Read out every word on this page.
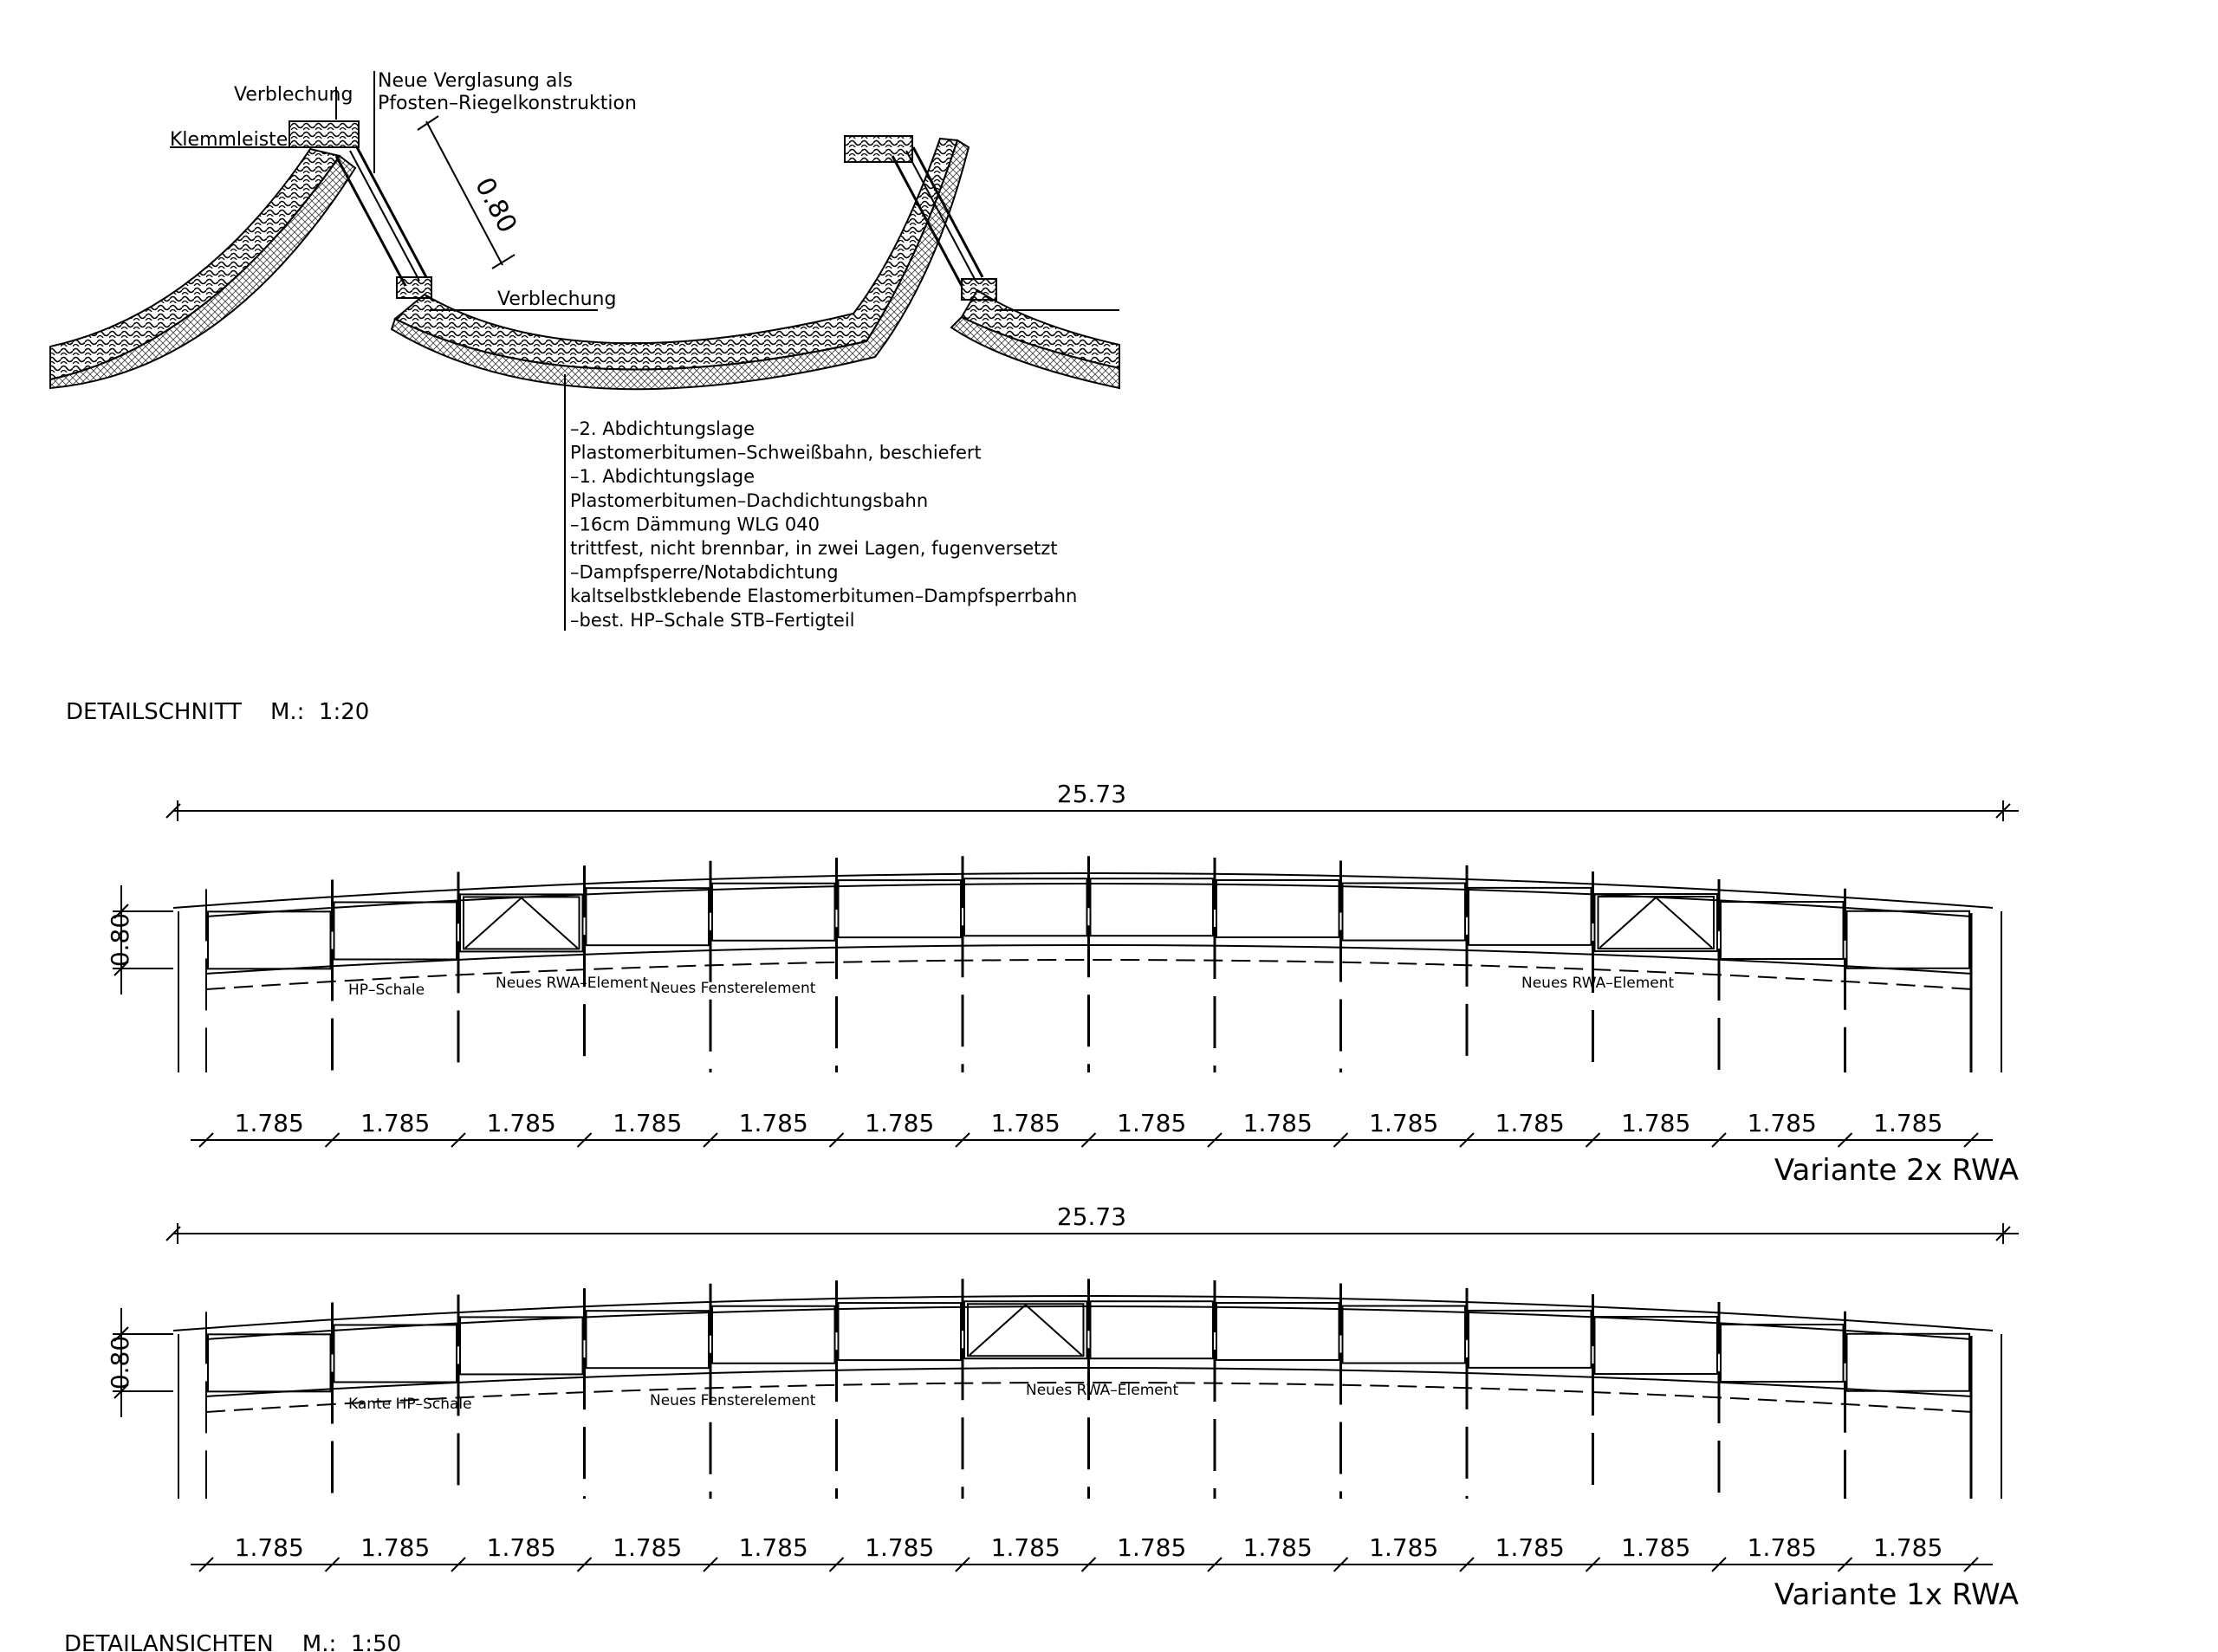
Verblechung
Klemmleiste
Neue Verglasung als
Pfosten–Riegelkonstruktion
0.80
Verblechung
–2. Abdichtungslage
Plastomerbitumen–Schweißbahn, beschiefert
–1. Abdichtungslage
Plastomerbitumen–Dachdichtungsbahn
–16cm Dämmung WLG 040
trittfest, nicht brennbar, in zwei Lagen, fugenversetzt
–Dampfsperre/Notabdichtung
kaltselbstklebende Elastomerbitumen–Dampfsperrbahn
–best. HP–Schale STB–Fertigteil
DETAILSCHNITT    M.:  1:20
25.73
0.80
1.785 1.785 1.785 1.785 1.785 1.785 1.785 1.785 1.785 1.785 1.785 1.785 1.785 1.785
HP–Schale	Neues RWA–Element Neues Fensterelement	Neues RWA–Element
Variante 2x RWA
25.73
0.80
1.785 1.785 1.785 1.785 1.785 1.785 1.785 1.785 1.785 1.785 1.785 1.785 1.785 1.785
Kante HP–Schale	Neues Fensterelement
Neues RWA–Element
Variante 1x RWA
DETAILANSICHTEN    M.:  1:50
